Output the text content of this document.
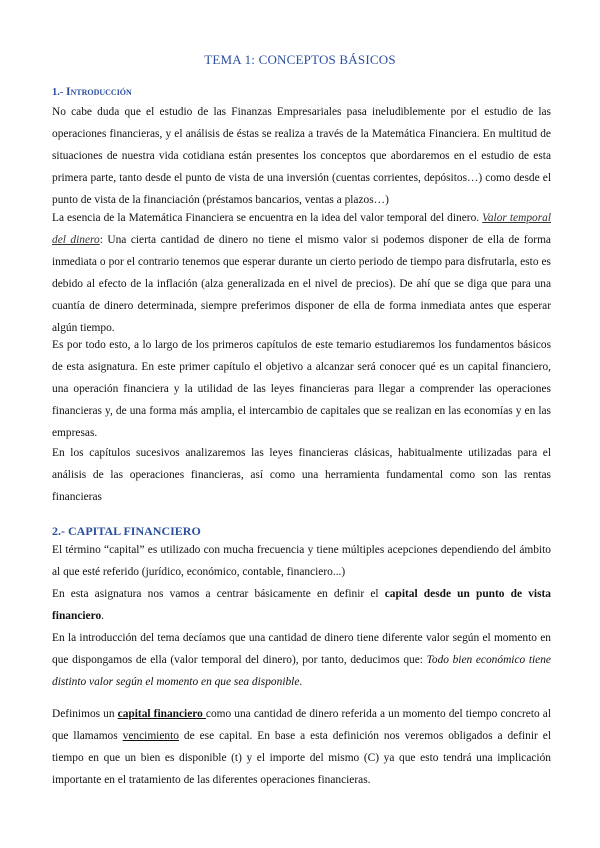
TEMA 1: CONCEPTOS BÁSICOS
1.- Introducción
No cabe duda que el estudio de las Finanzas Empresariales pasa ineludiblemente por el estudio de las operaciones financieras, y el análisis de éstas se realiza a través de la Matemática Financiera. En multitud de situaciones de nuestra vida cotidiana están presentes los conceptos que abordaremos en el estudio de esta primera parte, tanto desde el punto de vista de una inversión (cuentas corrientes, depósitos…) como desde el punto de vista de la financiación (préstamos bancarios, ventas a plazos…)
La esencia de la Matemática Financiera se encuentra en la idea del valor temporal del dinero. Valor temporal del dinero: Una cierta cantidad de dinero no tiene el mismo valor si podemos disponer de ella de forma inmediata o por el contrario tenemos que esperar durante un cierto periodo de tiempo para disfrutarla, esto es debido al efecto de la inflación (alza generalizada en el nivel de precios). De ahí que se diga que para una cuantía de dinero determinada, siempre preferimos disponer de ella de forma inmediata antes que esperar algún tiempo.
Es por todo esto, a lo largo de los primeros capítulos de este temario estudiaremos los fundamentos básicos de esta asignatura. En este primer capítulo el objetivo a alcanzar será conocer qué es un capital financiero, una operación financiera y la utilidad de las leyes financieras para llegar a comprender las operaciones financieras y, de una forma más amplia, el intercambio de capitales que se realizan en las economías y en las empresas.
En los capítulos sucesivos analizaremos las leyes financieras clásicas, habitualmente utilizadas para el análisis de las operaciones financieras, así como una herramienta fundamental como son las rentas financieras
2.- CAPITAL FINANCIERO
El término “capital” es utilizado con mucha frecuencia y tiene múltiples acepciones dependiendo del ámbito al que esté referido (jurídico, económico, contable, financiero...)
En esta asignatura nos vamos a centrar básicamente en definir el capital desde un punto de vista financiero.
En la introducción del tema decíamos que una cantidad de dinero tiene diferente valor según el momento en que dispongamos de ella (valor temporal del dinero), por tanto, deducimos que: Todo bien económico tiene distinto valor según el momento en que sea disponible.
Definimos un capital financiero como una cantidad de dinero referida a un momento del tiempo concreto al que llamamos vencimiento de ese capital. En base a esta definición nos veremos obligados a definir el tiempo en que un bien es disponible (t) y el importe del mismo (C) ya que esto tendrá una implicación importante en el tratamiento de las diferentes operaciones financieras.
